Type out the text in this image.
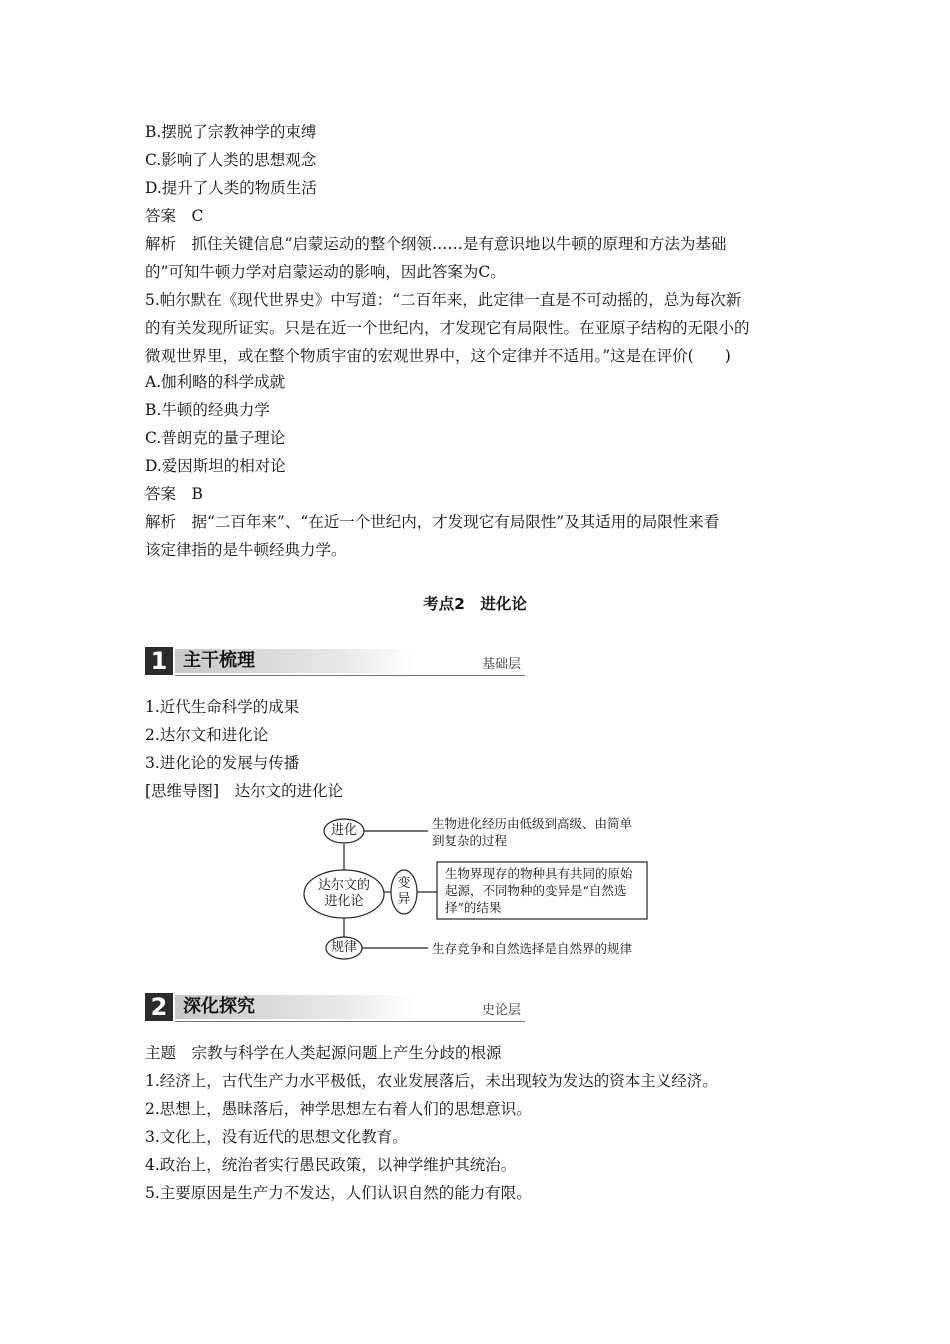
B.摆脱了宗教神学的束缚
C.影响了人类的思想观念
D.提升了人类的物质生活
答案　C
解析　抓住关键信息“启蒙运动的整个纲领……是有意识地以牛顿的原理和方法为基础
的”可知牛顿力学对启蒙运动的影响，因此答案为C。
5.帕尔默在《现代世界史》中写道：“二百年来，此定律一直是不可动摇的，总为每次新
的有关发现所证实。只是在近一个世纪内，才发现它有局限性。在亚原子结构的无限小的
微观世界里，或在整个物质宇宙的宏观世界中，这个定律并不适用。”这是在评价(　　)
A.伽利略的科学成就
B.牛顿的经典力学
C.普朗克的量子理论
D.爱因斯坦的相对论
答案　B
解析　据“二百年来”、“在近一个世纪内，才发现它有局限性”及其适用的局限性来看
该定律指的是牛顿经典力学。
考点2　进化论
1 主干梳理	基础层
1.近代生命科学的成果
2.达尔文和进化论
3.进化论的发展与传播
[思维导图]　达尔文的进化论
进化
达尔文的
进化论
变
异
规律
生物进化经历由低级到高级、由简单
到复杂的过程
生物界现存的物种具有共同的原始
起源，不同物种的变异是“自然选
择”的结果
生存竞争和自然选择是自然界的规律
2 深化探究	史论层
主题　宗教与科学在人类起源问题上产生分歧的根源
1.经济上，古代生产力水平极低，农业发展落后，未出现较为发达的资本主义经济。
2.思想上，愚昧落后，神学思想左右着人们的思想意识。
3.文化上，没有近代的思想文化教育。
4.政治上，统治者实行愚民政策，以神学维护其统治。
5.主要原因是生产力不发达，人们认识自然的能力有限。
